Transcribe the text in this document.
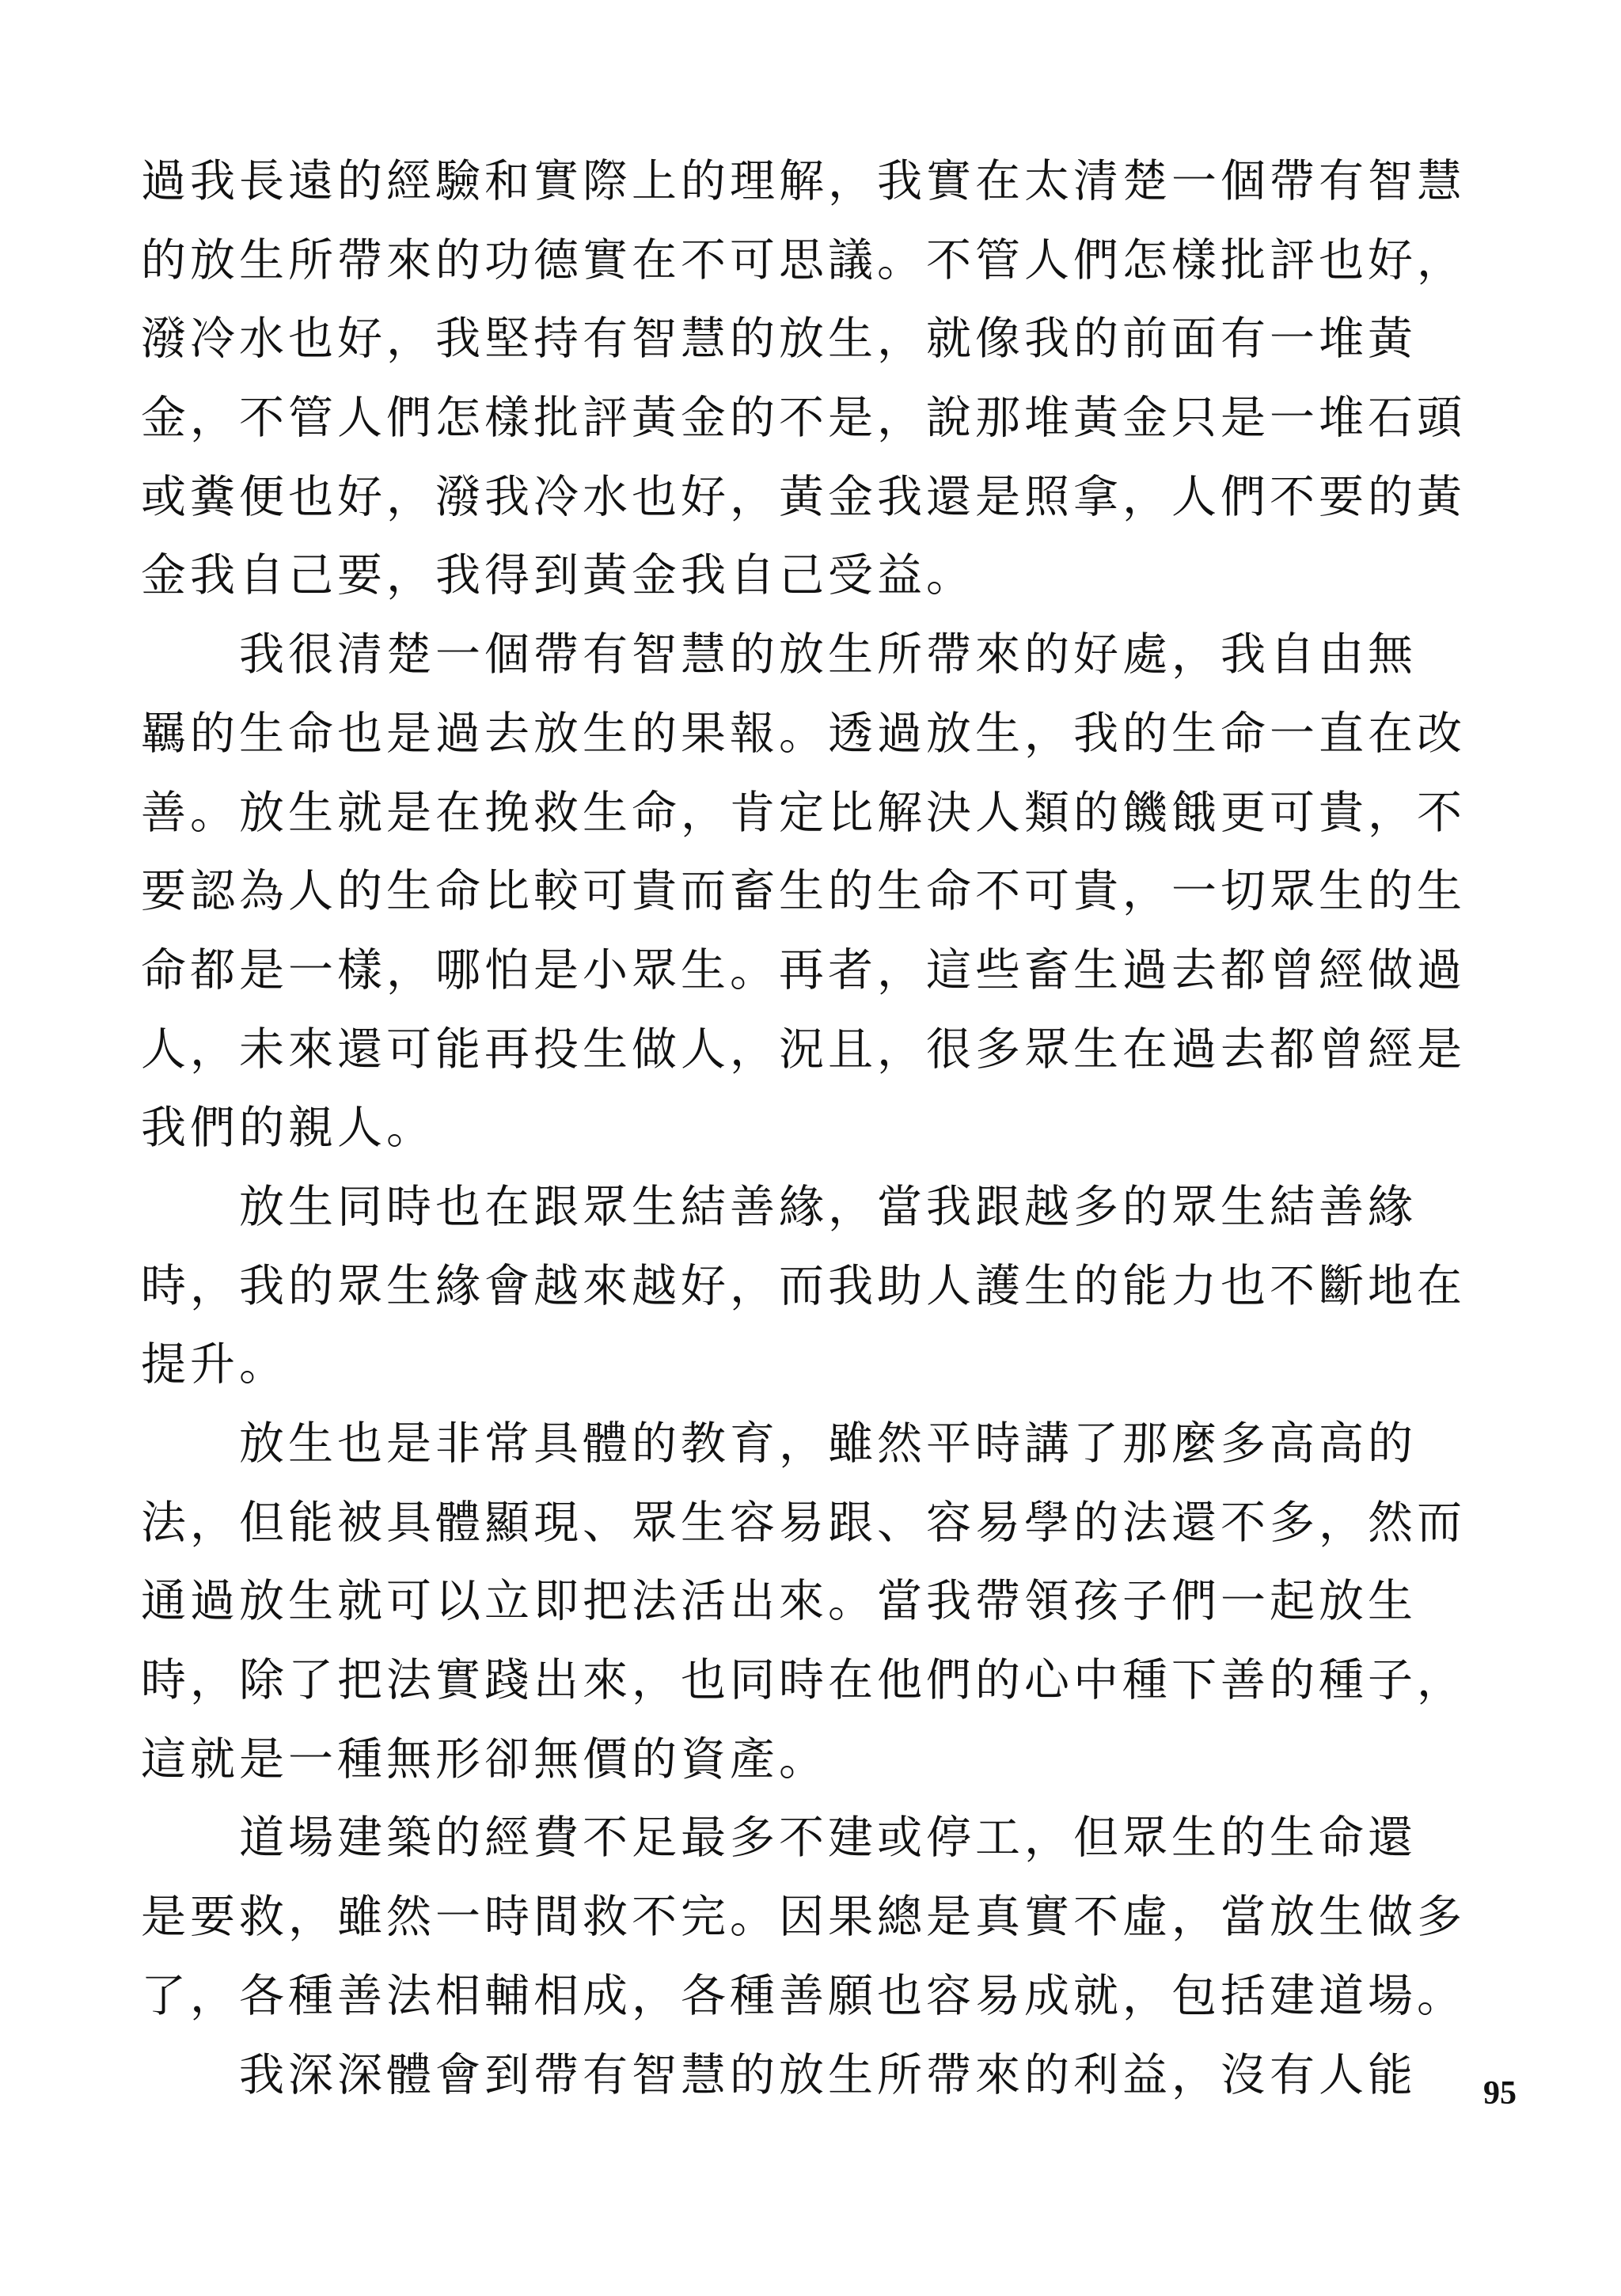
過我長遠的經驗和實際上的理解，我實在太清楚一個帶有智慧
的放生所帶來的功德實在不可思議。不管人們怎樣批評也好，
潑冷水也好，我堅持有智慧的放生，就像我的前面有一堆黃
金，不管人們怎樣批評黃金的不是，說那堆黃金只是一堆石頭
或糞便也好，潑我冷水也好，黃金我還是照拿，人們不要的黃
金我自己要，我得到黃金我自己受益。
　　我很清楚一個帶有智慧的放生所帶來的好處，我自由無
羈的生命也是過去放生的果報。透過放生，我的生命一直在改
善。放生就是在挽救生命，肯定比解決人類的饑餓更可貴，不
要認為人的生命比較可貴而畜生的生命不可貴，一切眾生的生
命都是一樣，哪怕是小眾生。再者，這些畜生過去都曾經做過
人，未來還可能再投生做人，況且，很多眾生在過去都曾經是
我們的親人。
　　放生同時也在跟眾生結善緣，當我跟越多的眾生結善緣
時，我的眾生緣會越來越好，而我助人護生的能力也不斷地在
提升。
　　放生也是非常具體的教育，雖然平時講了那麼多高高的
法，但能被具體顯現、眾生容易跟、容易學的法還不多，然而
通過放生就可以立即把法活出來。當我帶領孩子們一起放生
時，除了把法實踐出來，也同時在他們的心中種下善的種子，
這就是一種無形卻無價的資產。
　　道場建築的經費不足最多不建或停工，但眾生的生命還
是要救，雖然一時間救不完。因果總是真實不虛，當放生做多
了，各種善法相輔相成，各種善願也容易成就，包括建道場。
　　我深深體會到帶有智慧的放生所帶來的利益，沒有人能	95
